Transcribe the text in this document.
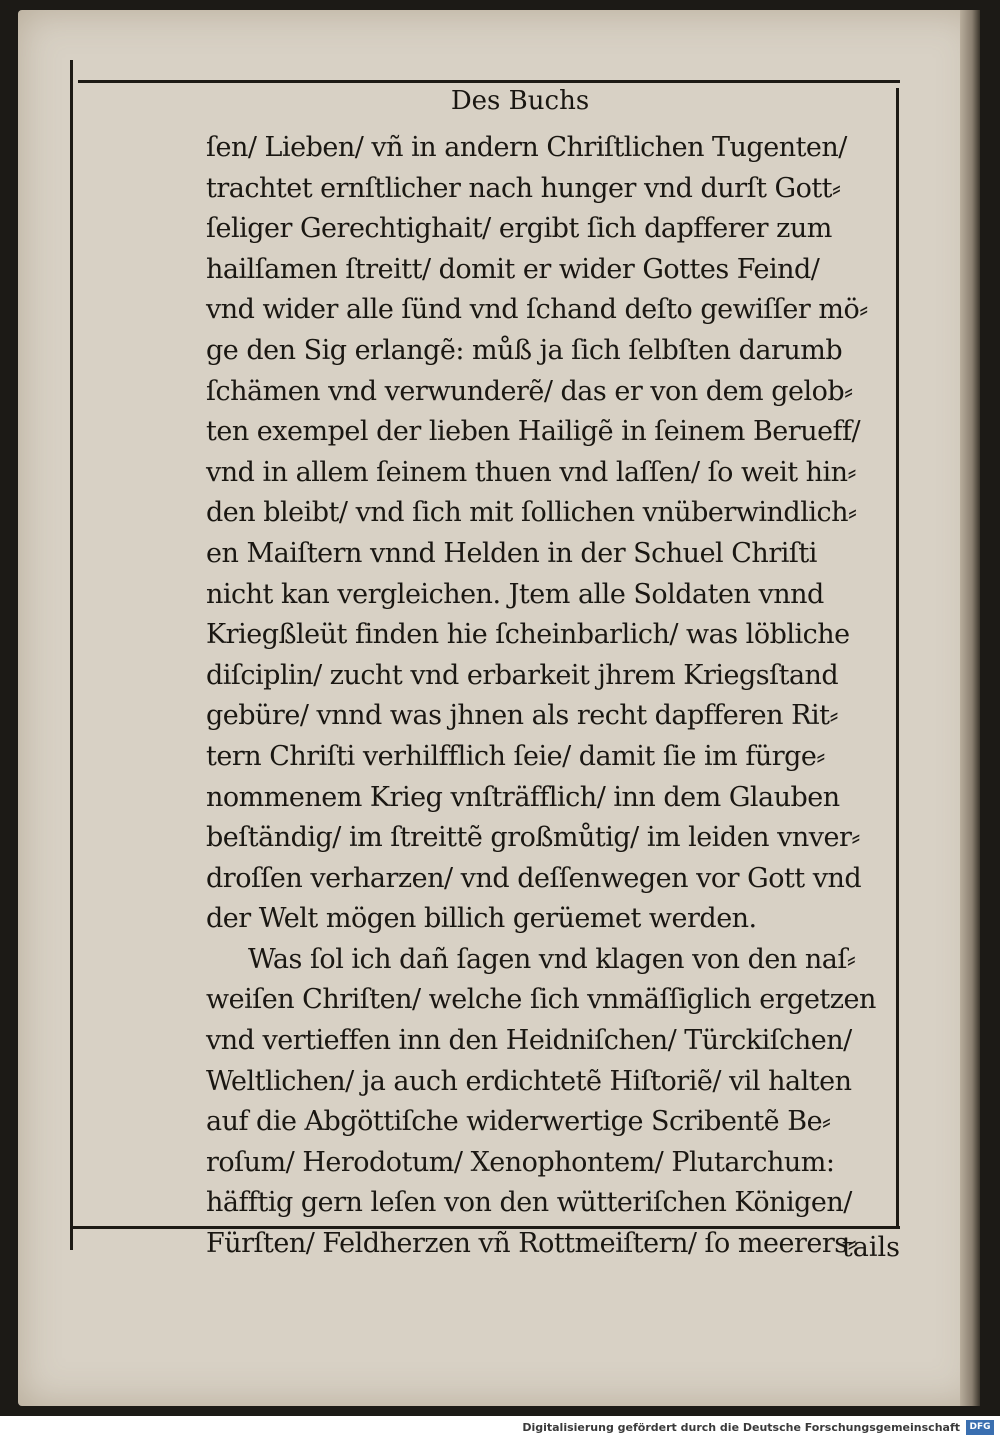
Des Buchs
ſen/ Lieben/ vñ in andern Chriſtlichen Tugenten/
trachtet ernſtlicher nach hunger vnd durſt Gott⸗
ſeliger Gerechtighait/ ergibt ſich dapfferer zum
hailſamen ſtreitt/ domit er wider Gottes Feind/
vnd wider alle ſünd vnd ſchand deſto gewiſſer mö⸗
ge den Sig erlangẽ: můß ja ſich ſelbſten darumb
ſchämen vnd verwunderẽ/ das er von dem gelob⸗
ten exempel der lieben Hailigẽ in ſeinem Berueff/
vnd in allem ſeinem thuen vnd laſſen/ ſo weit hin⸗
den bleibt/ vnd ſich mit ſollichen vnüberwindlich⸗
en Maiſtern vnnd Helden in der Schuel Chriſti
nicht kan vergleichen. Jtem alle Soldaten vnnd
Kriegßleüt finden hie ſcheinbarlich/ was löbliche
diſciplin/ zucht vnd erbarkeit jhrem Kriegsſtand
gebüre/ vnnd was jhnen als recht dapfferen Rit⸗
tern Chriſti verhilfflich ſeie/ damit ſie im fürge⸗
nommenem Krieg vnſträfflich/ inn dem Glauben
beſtändig/ im ſtreittẽ großmůtig/ im leiden vnver⸗
droſſen verharzen/ vnd deſſenwegen vor Gott vnd
der Welt mögen billich gerüemet werden.
Was ſol ich dañ ſagen vnd klagen von den naſ⸗
weiſen Chriſten/ welche ſich vnmäſſiglich ergetzen
vnd vertieffen inn den Heidniſchen/ Türckiſchen/
Weltlichen/ ja auch erdichtetẽ Hiſtoriẽ/ vil halten
auf die Abgöttiſche widerwertige Scribentẽ Be⸗
roſum/ Herodotum/ Xenophontem/ Plutarchum:
häfftig gern leſen von den wütteriſchen Königen/
Fürſten/ Feldherzen vñ Rottmeiſtern/ ſo meerers⸗
tails
Digitalisierung gefördert durch die Deutsche Forschungsgemeinschaft	DFG
